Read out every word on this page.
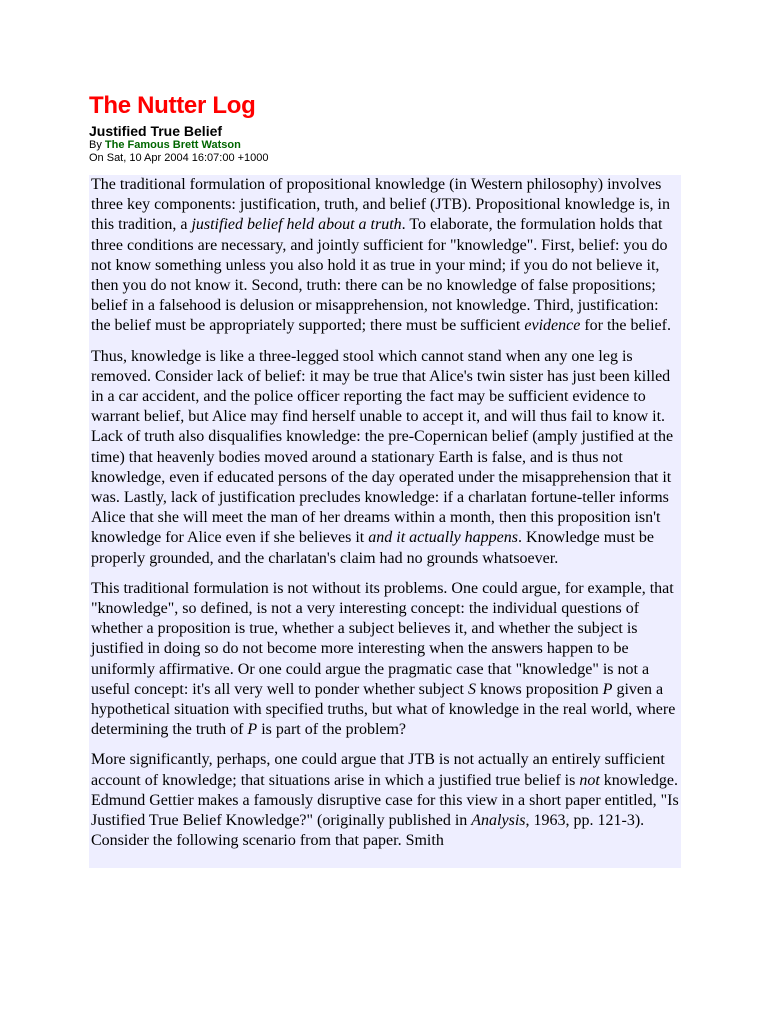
The Nutter Log
Justified True Belief
By The Famous Brett Watson
On Sat, 10 Apr 2004 16:07:00 +1000

The traditional formulation of propositional knowledge (in Western philosophy) involves three key components: justification, truth, and belief (JTB). Propositional knowledge is, in this tradition, a justified belief held about a truth. To elaborate, the formulation holds that three conditions are necessary, and jointly sufficient for "knowledge". First, belief: you do not know something unless you also hold it as true in your mind; if you do not believe it, then you do not know it. Second, truth: there can be no knowledge of false propositions; belief in a falsehood is delusion or misapprehension, not knowledge. Third, justification: the belief must be appropriately supported; there must be sufficient evidence for the belief.

Thus, knowledge is like a three-legged stool which cannot stand when any one leg is removed. Consider lack of belief: it may be true that Alice's twin sister has just been killed in a car accident, and the police officer reporting the fact may be sufficient evidence to warrant belief, but Alice may find herself unable to accept it, and will thus fail to know it. Lack of truth also disqualifies knowledge: the pre-Copernican belief (amply justified at the time) that heavenly bodies moved around a stationary Earth is false, and is thus not knowledge, even if educated persons of the day operated under the misapprehension that it was. Lastly, lack of justification precludes knowledge: if a charlatan fortune-teller informs Alice that she will meet the man of her dreams within a month, then this proposition isn't knowledge for Alice even if she believes it and it actually happens. Knowledge must be properly grounded, and the charlatan's claim had no grounds whatsoever.

This traditional formulation is not without its problems. One could argue, for example, that "knowledge", so defined, is not a very interesting concept: the individual questions of whether a proposition is true, whether a subject believes it, and whether the subject is justified in doing so do not become more interesting when the answers happen to be uniformly affirmative. Or one could argue the pragmatic case that "knowledge" is not a useful concept: it's all very well to ponder whether subject S knows proposition P given a hypothetical situation with specified truths, but what of knowledge in the real world, where determining the truth of P is part of the problem?

More significantly, perhaps, one could argue that JTB is not actually an entirely sufficient account of knowledge; that situations arise in which a justified true belief is not knowledge. Edmund Gettier makes a famously disruptive case for this view in a short paper entitled, "Is Justified True Belief Knowledge?" (originally published in Analysis, 1963, pp. 121-3). Consider the following scenario from that paper. Smith
